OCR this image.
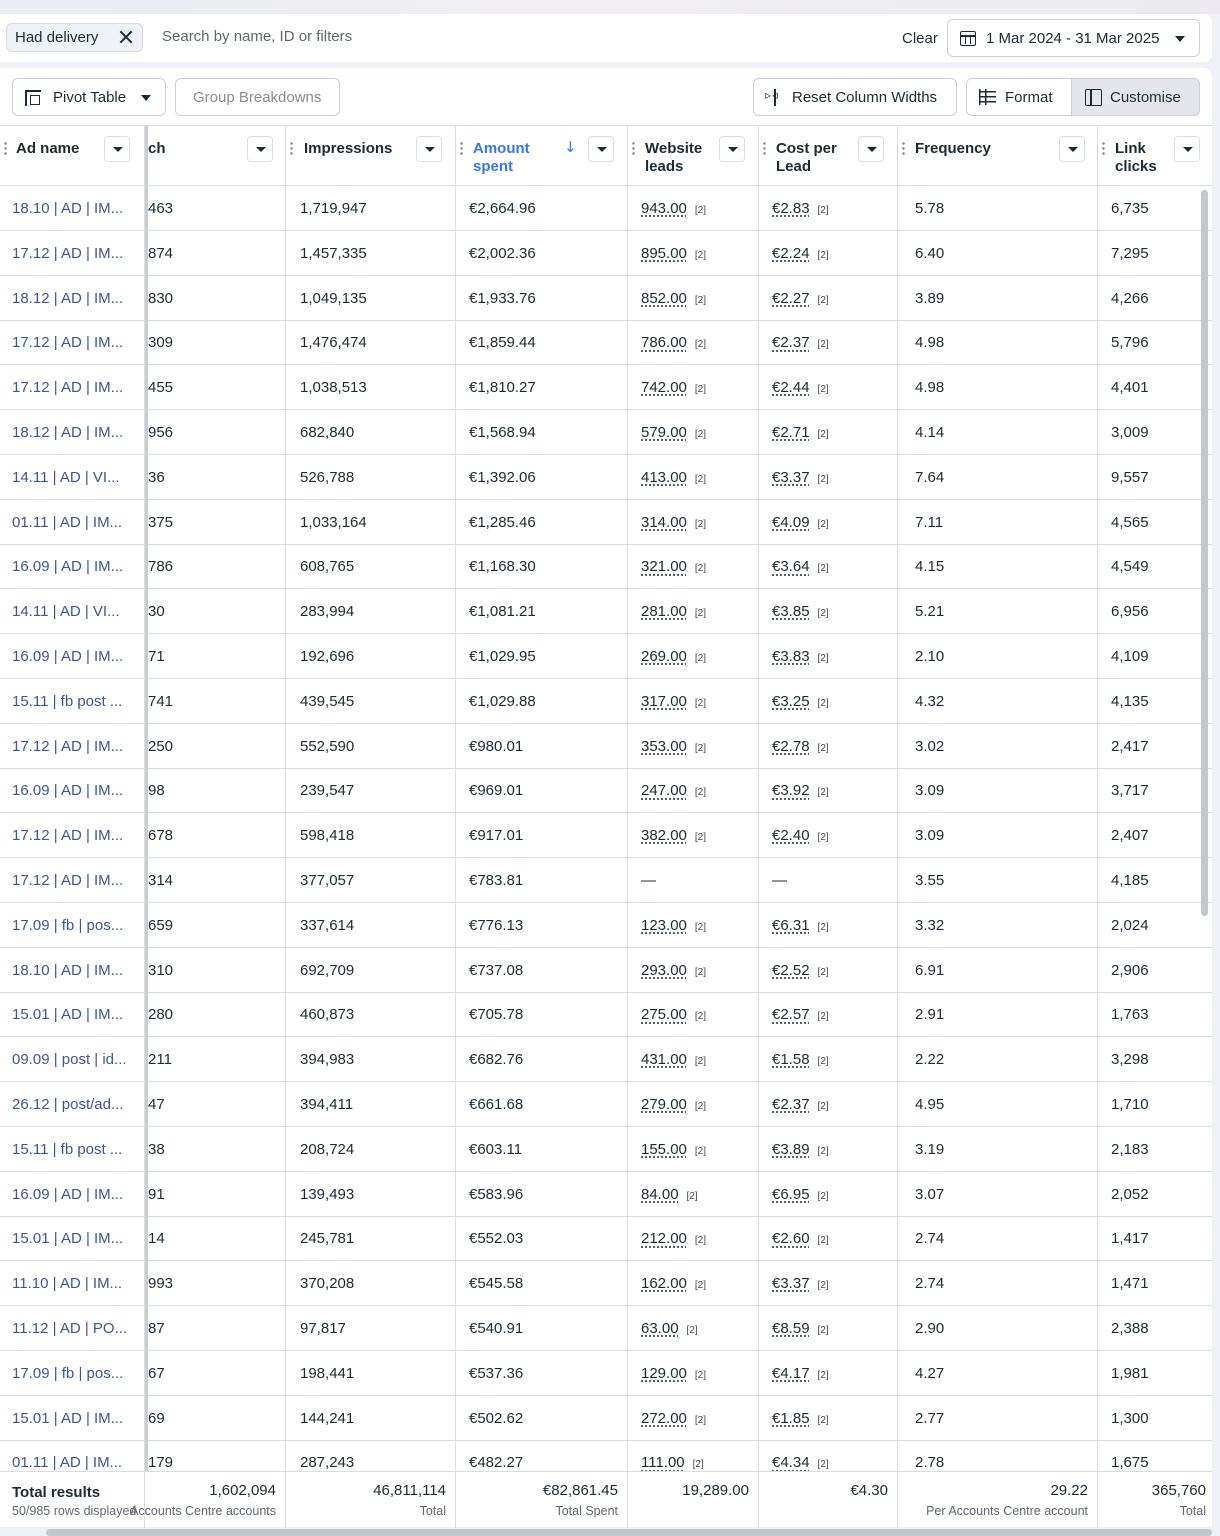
Had delivery
Search by name, ID or filters	Clear	1 Mar 2024 - 31 Mar 2025
Pivot Table	Group Breakdowns
▹◃	Reset Column Widths	Format	Customise
Ad name	ch	Impressions	Amount
spent
↓	Website
leads
Cost per
Lead
Frequency	Link
clicks
18.10 | AD | IM...	463	1,719,947	€2,664.96	943.00 [2]	€2.83 [2]	5.78	6,735
17.12 | AD | IM...	874	1,457,335	€2,002.36	895.00 [2]	€2.24 [2]	6.40	7,295
18.12 | AD | IM...	830	1,049,135	€1,933.76	852.00 [2]	€2.27 [2]	3.89	4,266
17.12 | AD | IM...	309	1,476,474	€1,859.44	786.00 [2]	€2.37 [2]	4.98	5,796
17.12 | AD | IM...	455	1,038,513	€1,810.27	742.00 [2]	€2.44 [2]	4.98	4,401
18.12 | AD | IM...	956	682,840	€1,568.94	579.00 [2]	€2.71 [2]	4.14	3,009
14.11 | AD | VI...	36	526,788	€1,392.06	413.00 [2]	€3.37 [2]	7.64	9,557
01.11 | AD | IM...	375	1,033,164	€1,285.46	314.00 [2]	€4.09 [2]	7.11	4,565
16.09 | AD | IM...	786	608,765	€1,168.30	321.00 [2]	€3.64 [2]	4.15	4,549
14.11 | AD | VI...	30	283,994	€1,081.21	281.00 [2]	€3.85 [2]	5.21	6,956
16.09 | AD | IM...	71	192,696	€1,029.95	269.00 [2]	€3.83 [2]	2.10	4,109
15.11 | fb post ...	741	439,545	€1,029.88	317.00 [2]	€3.25 [2]	4.32	4,135
17.12 | AD | IM...	250	552,590	€980.01	353.00 [2]	€2.78 [2]	3.02	2,417
16.09 | AD | IM...	98	239,547	€969.01	247.00 [2]	€3.92 [2]	3.09	3,717
17.12 | AD | IM...	678	598,418	€917.01	382.00 [2]	€2.40 [2]	3.09	2,407
17.12 | AD | IM...	314	377,057	€783.81	—	—	3.55	4,185
17.09 | fb | pos...	659	337,614	€776.13	123.00 [2]	€6.31 [2]	3.32	2,024
18.10 | AD | IM...	310	692,709	€737.08	293.00 [2]	€2.52 [2]	6.91	2,906
15.01 | AD | IM...	280	460,873	€705.78	275.00 [2]	€2.57 [2]	2.91	1,763
09.09 | post | id...	211	394,983	€682.76	431.00 [2]	€1.58 [2]	2.22	3,298
26.12 | post/ad...	47	394,411	€661.68	279.00 [2]	€2.37 [2]	4.95	1,710
15.11 | fb post ...	38	208,724	€603.11	155.00 [2]	€3.89 [2]	3.19	2,183
16.09 | AD | IM...	91	139,493	€583.96	84.00 [2]	€6.95 [2]	3.07	2,052
15.01 | AD | IM...	14	245,781	€552.03	212.00 [2]	€2.60 [2]	2.74	1,417
11.10 | AD | IM...	993	370,208	€545.58	162.00 [2]	€3.37 [2]	2.74	1,471
11.12 | AD | PO...	87	97,817	€540.91	63.00 [2]	€8.59 [2]	2.90	2,388
17.09 | fb | pos...	67	198,441	€537.36	129.00 [2]	€4.17 [2]	4.27	1,981
15.01 | AD | IM...	69	144,241	€502.62	272.00 [2]	€1.85 [2]	2.77	1,300
01.11 | AD | IM...	179	287,243	€482.27	111.00 [2]	€4.34 [2]	2.78	1,675
Total results
50/985 rows displayed
1,602,094
Accounts Centre accounts
46,811,114
Total
€82,861.45
Total Spent
19,289.00	€4.30	29.22
Per Accounts Centre account
365,760
Total
